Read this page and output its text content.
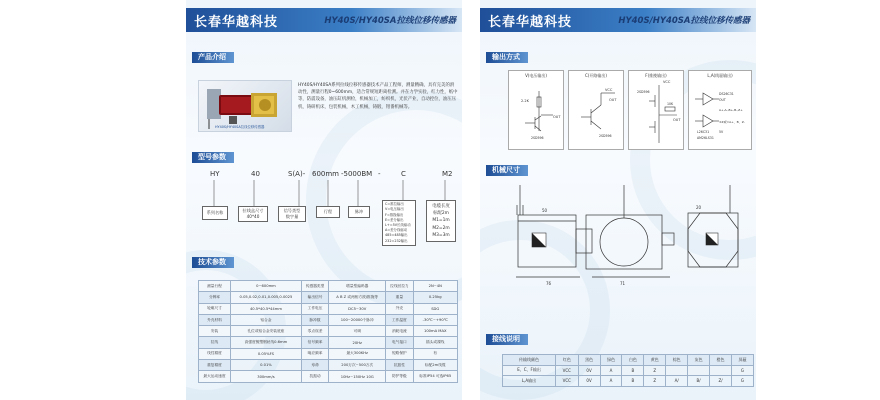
长春华越科技	HY40S/HY40SA拉线位移传感器
产品介绍
HY40S/HY40SA拉线位移传感器
HY40S/HY40SA系列拉线位移传感器技术产品工程师，测量精确，具有完美的滑动性，测量行程0~600mm，适合常规短距离检测。并在力学实验，红力性，纸中等，防震设备，油压缸机测检，机械加工，纺织机，光伏产业，自动控位，油压压机，铸研机床，包装机械，木工机械，铸锻，钳番机械等。
型号参数
HY	40	S(A)- 600mm -5000BM -	C	M2
系列名称	拉线盒尺寸
40*40
信号类型
数字量
行程	脉冲
C=推拉输出
V=电压输出
F=推挽输出
E=差分输出
L+=5V长线驱动
A=差分线驱动
485=485输出
232=232输出
电缆长度
标配2m
M1=1m
M2=2m
M3=3m
技术参数
测量行程	0~600mm	传感器类型	增量型编码器	拉线回拉力	2N~4N
分辨率	0.05,0.02,0.01,0.005,0.0025	输出信号	A B Z 或两相方波/推挽等	重量	0.25kg
轮廓尺寸	40.5*40.5*44mm	工作电压	DC5~30V	外壳	SDG
外壳材料	铝合金	脉冲数	100~20000个脉冲	工作温度	-30℃~+90℃
安装	孔位或铝合金安装底座	零点误差	可调	消耗电流	100mA MAX
拉线	高强度镀塑钢丝线0.6mm	信号频率	20Hz	电气接口	插头或裸线
线性精度	0.05%FS	响应频率	最大300KHz	短路保护	有
重复精度	0.01%	寿命	200万次~500万次	抗振性	标配2m线缆
最大运动速度	300mm/s	抗振动	10Hz~150Hz 10G	防护等级	标准IP54 可选IP65
长春华越科技	HY40S/HY40SA拉线位移传感器
输出方式
V(电压输出)
2.2K
2SD596
OUT
C(开路输出)
VCC
2SD596
OUT
F(推挽输出)
VCC
2SD596
OUT
10K
L,A(线驱输出)
DS26C31
OUT
L26C31	5V
AM26LS31
±Z或=A+、B、Z-
A+,A-,B+,B-,Z+
机械尺寸
50
71
20
76
接线说明
传输线颜色	红色	黑色	绿色	白色	黄色	棕色	灰色	橙色	屏蔽
E、C、F输出	VCC	0V	A	B	Z				G
L,A输出	VCC	0V	A	B	Z	A/	B/	Z/	G
